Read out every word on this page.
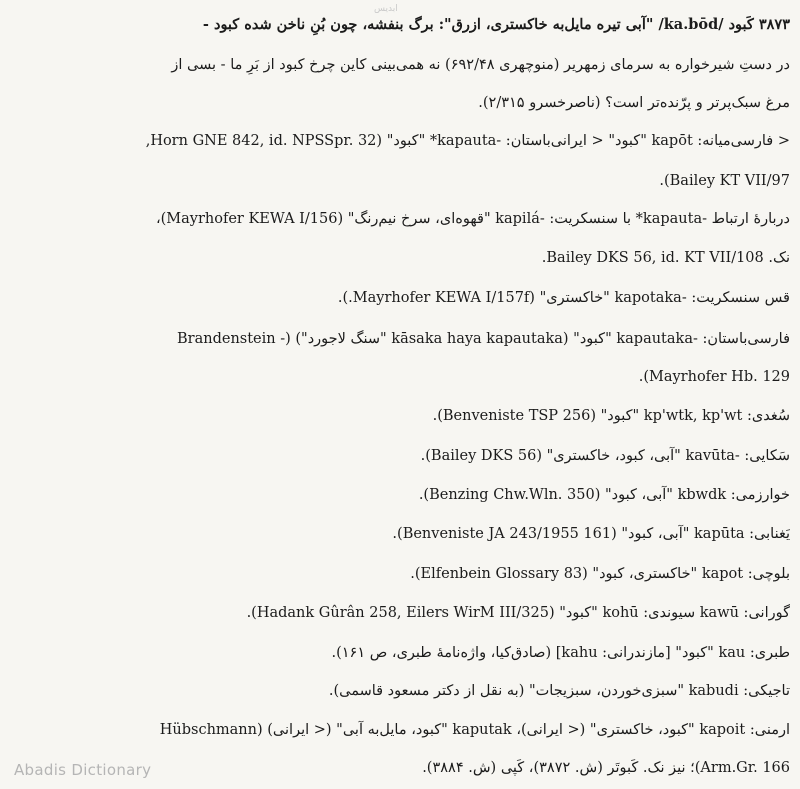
ابدیس
۳۸۷۳ کَبود /ka.bōd/ "آبی تیره مایل‌به خاکستری، ازرق": برگ بنفشه، چون بُنِ ناخن شده کبود -
در دستِ شیرخواره به سرمای زمهریر (منوچهری ۶۹۲/۴۸) نه همی‌بینی کاین چرخ کبود از بَرِ ما - بسی از
مرغ سبک‌پرتر و پرّنده‌تر است؟ (ناصرخسرو ۲/۳۱۵).
< فارسی‌میانه: kapōt "کبود" < ایرانی‌باستان: -kapauta* "کبود" (Horn GNE 842, id. NPSSpr. 32,
Bailey KT VII/97).
دربارهٔ ارتباط -kapauta* با سنسکریت: -kapilá "قهوه‌ای، سرخ نیم‌رنگ" (Mayrhofer KEWA I/156)،
نک. Bailey DKS 56, id. KT VII/108.
قس سنسکریت: -kapotaka "خاکستری" (Mayrhofer KEWA I/157f.).
فارسی‌باستان: -kapautaka "کبود" (kāsaka haya kapautaka "سنگ لاجورد") (- Brandenstein
Mayrhofer Hb. 129).
سُغدی: kp'wtk, kp'wt "کبود" (Benveniste TSP 256).
سَکایی: -kavūta "آبی، کبود، خاکستری" (Bailey DKS 56).
خوارزمی: kbwdk "آبی، کبود" (Benzing Chw.Wln. 350).
یَغنابی: kapūta "آبی، کبود" (Benveniste JA 243/1955 161).
بلوچی: kapot "خاکستری، کبود" (Elfenbein Glossary 83).
گورانی: kawū سیوندی: kohū "کبود" (Hadank Gûrân 258, Eilers WirM III/325).
طبری: kau "کبود" [مازندرانی: kahu] (صادق‌کیا، واژه‌نامهٔ طبری، ص ۱۶۱).
تاجیکی: kabudi "سبزی‌خوردن، سبزیجات" (به نقل از دکتر مسعود قاسمی).
ارمنی: kapoit "کبود، خاکستری" (< ایرانی)، kaputak "کبود، مایل‌به آبی" (< ایرانی) (Hübschmann
Arm.Gr. 166)؛ نیز نک. کَبوتَر (ش. ۳۸۷۲)، کَپی (ش. ۳۸۸۴).
Abadis Dictionary
